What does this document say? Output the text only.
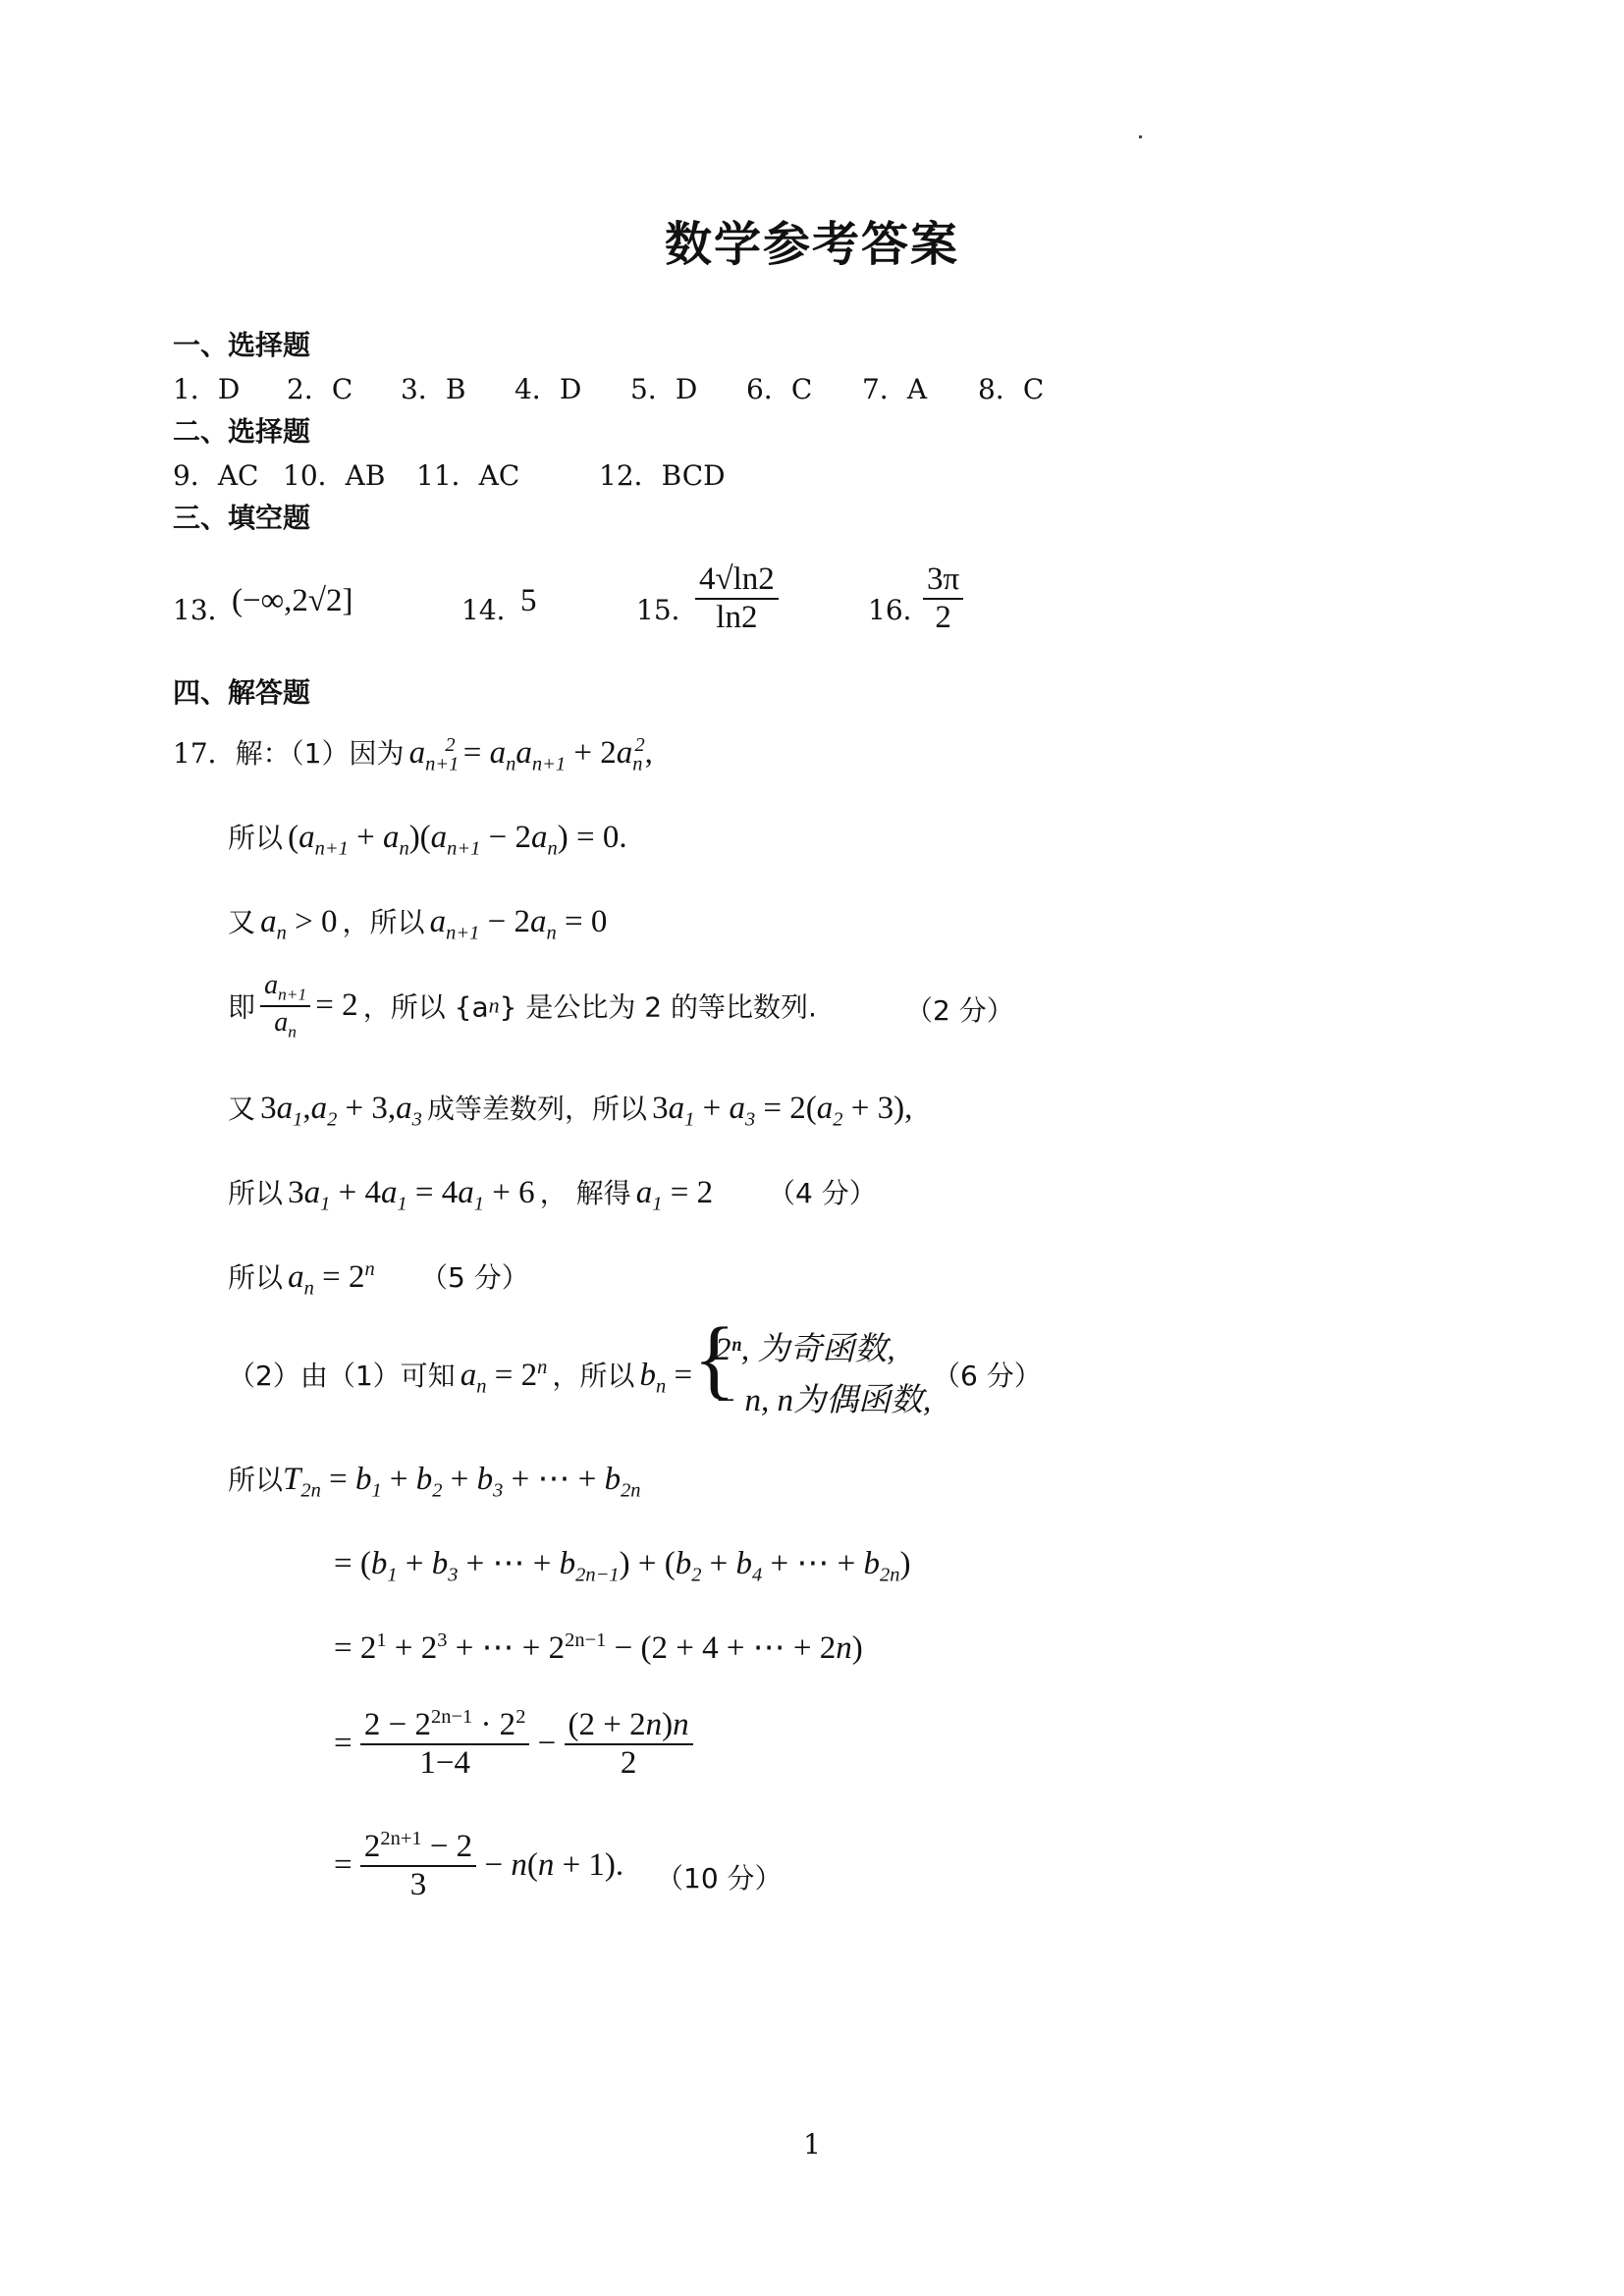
数学参考答案
一、选择题
1．D 2．C 3．B 4．D 5．D 6．C 7．A 8．C
二、选择题
9．AC 10．AB 11．AC	12．BCD
三、填空题
13．
(−∞,2√2]	14．
5	15．
$\frac{4√\ln 2}{\ln 2}$	16．
$\frac{3\pi}{2}$
四、解答题
17．解：（1）因为 $a_{n+1}^2 = a_na_{n+1} + 2a_n^2$,
所以 $(a_{n+1} + a_n)(a_{n+1} - 2a_n) = 0$.
又 $a_n > 0$ ，所以 $a_{n+1} - 2a_n = 0$
即 $\frac{a_{n+1}}{a_n} = 2$ ，所以 {an} 是公比为 2 的等比数列.	（2 分）
又 $3a_1,a_2 + 3,a_3$ 成等差数列，所以 $3a_1 + a_3 = 2(a_2 + 3)$,
所以 $3a_1 + 4a_1 = 4a_1 + 6$ ， 解得 $a_1 = 2$ （4 分）
所以 $a_n = 2^n$ （5 分）
（2）由（1）可知 $a_n = 2^n$ ，所以 $b_n$ = {
2ⁿ, 为奇函数,
− n, n为偶函数,
（6 分）
所以$T_{2n} = b_1 + b_2 + b_3$ + ⋯ + $b_{2n}$
= ($b_1 + b_3$ + ⋯ + $b_{2n-1}) + (b_2 + b_4$ + ⋯ + $b_{2n}$)
= $2^1 + 2^3$ + ⋯ + $2^{2n-1} - (2 + 4$ + ⋯ + 2n)
= $\frac{2 - 2^{2n-1} \cdot 2^2}{1-4} - \frac{(2 + 2n)n}{2}$
= $\frac{2^{2n+1} - 2}{3} - n(n + 1)$. （10 分）
1
